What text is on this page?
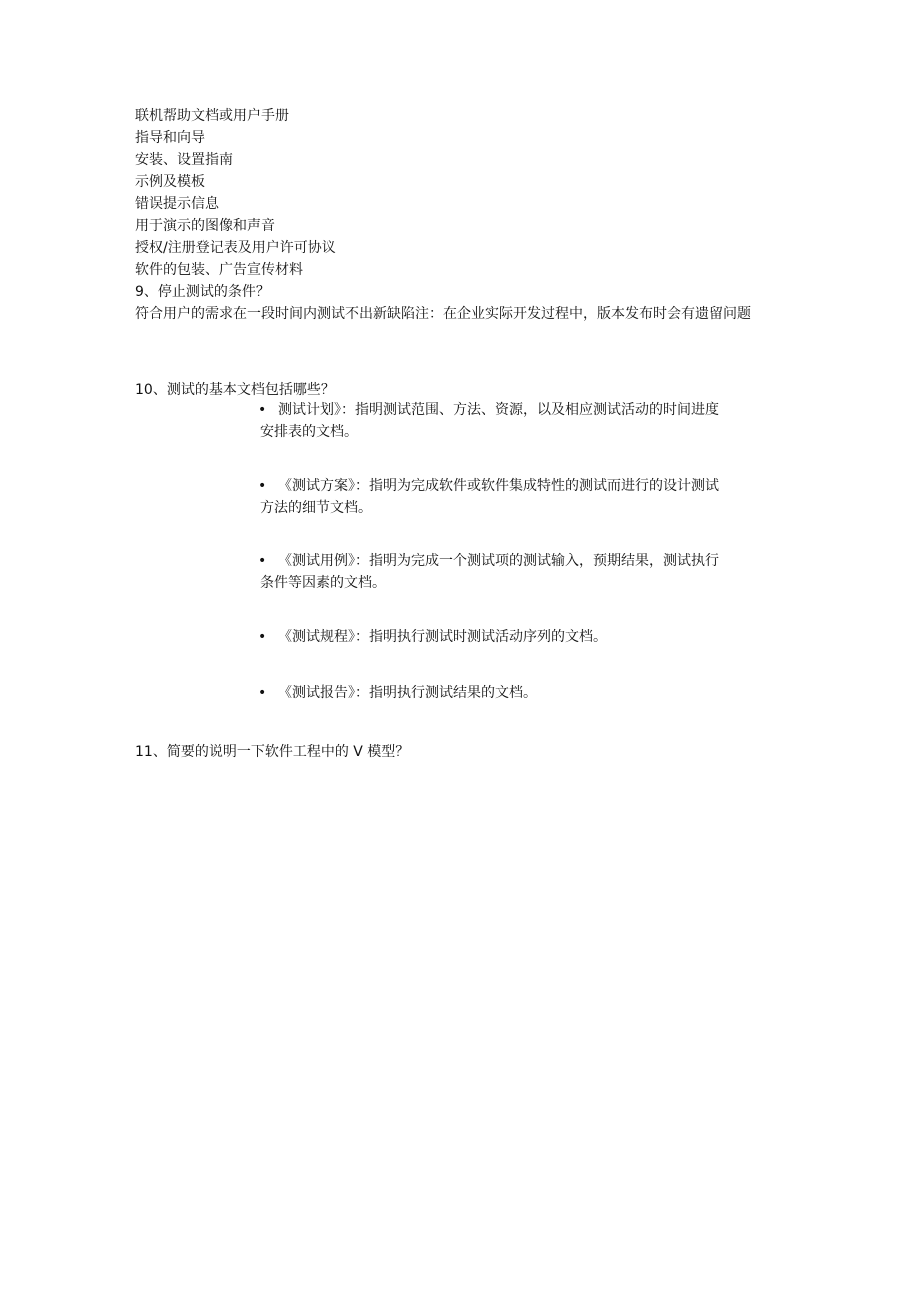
联机帮助文档或用户手册
指导和向导
安装、设置指南
示例及模板
错误提示信息
用于演示的图像和声音
授权/注册登记表及用户许可协议
软件的包装、广告宣传材料
9、停止测试的条件？
符合用户的需求在一段时间内测试不出新缺陷注：在企业实际开发过程中，版本发布时会有遗留问题
10、测试的基本文档包括哪些？
• 测试计划》：指明测试范围、方法、资源，以及相应测试活动的时间进度
安排表的文档。
• 《测试方案》：指明为完成软件或软件集成特性的测试而进行的设计测试
方法的细节文档。
• 《测试用例》：指明为完成一个测试项的测试输入，预期结果，测试执行
条件等因素的文档。
• 《测试规程》：指明执行测试时测试活动序列的文档。
• 《测试报告》：指明执行测试结果的文档。
11、简要的说明一下软件工程中的 V 模型？
